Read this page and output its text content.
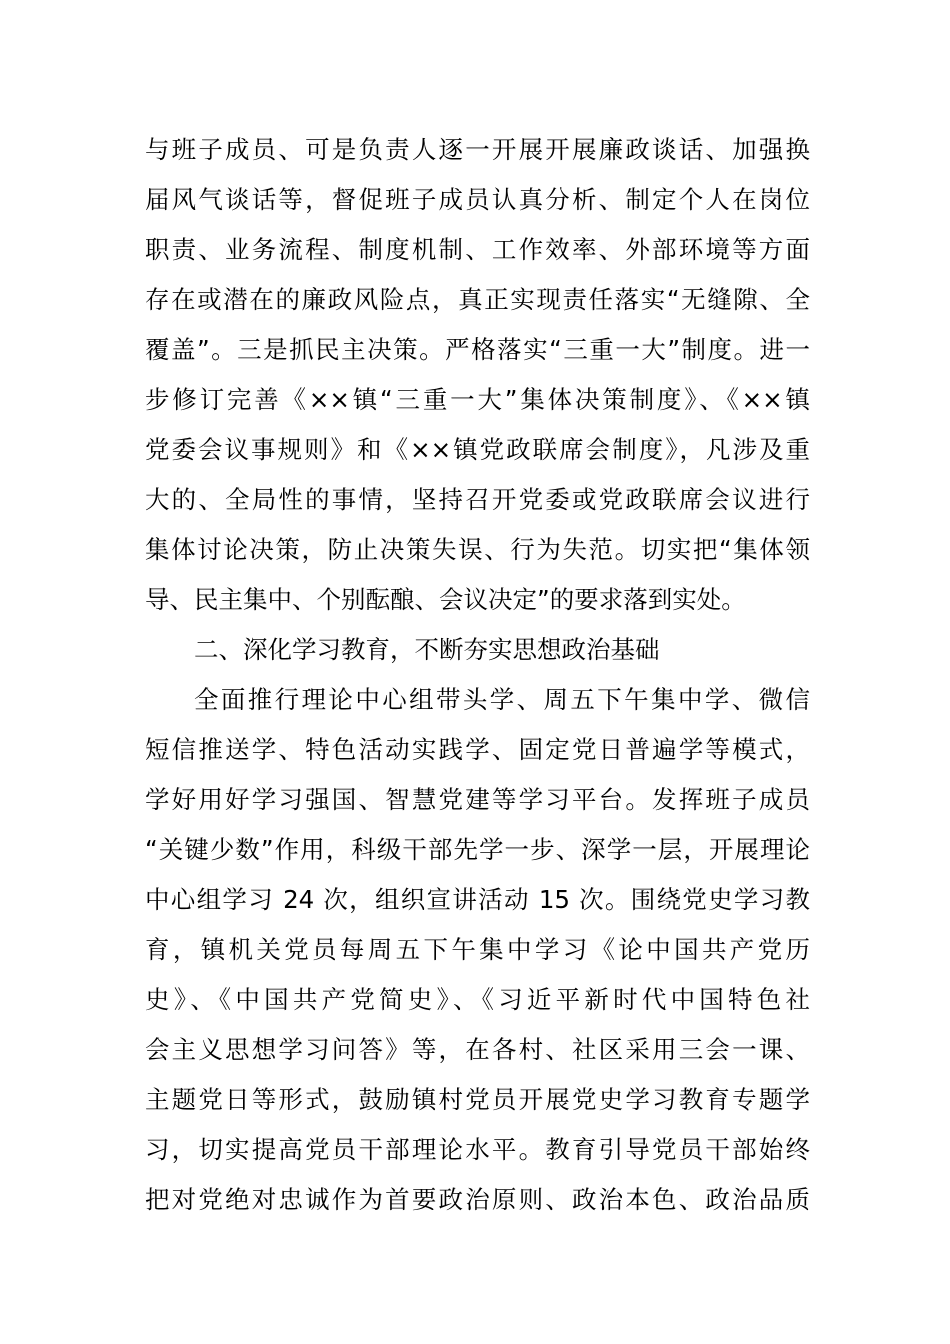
与班子成员、可是负责人逐一开展开展廉政谈话、加强换
届风气谈话等，督促班子成员认真分析、制定个人在岗位
职责、业务流程、制度机制、工作效率、外部环境等方面
存在或潜在的廉政风险点，真正实现责任落实“无缝隙、全
覆盖”。三是抓民主决策。严格落实“三重一大”制度。进一
步修订完善《××镇“三重一大”集体决策制度》、《××镇
党委会议事规则》和《××镇党政联席会制度》，凡涉及重
大的、全局性的事情，坚持召开党委或党政联席会议进行
集体讨论决策，防止决策失误、行为失范。切实把“集体领
导、民主集中、个别酝酿、会议决定”的要求落到实处。
二、深化学习教育，不断夯实思想政治基础
全面推行理论中心组带头学、周五下午集中学、微信
短信推送学、特色活动实践学、固定党日普遍学等模式，
学好用好学习强国、智慧党建等学习平台。发挥班子成员
“关键少数”作用，科级干部先学一步、深学一层，开展理论
中心组学习 24 次，组织宣讲活动 15 次。围绕党史学习教
育，镇机关党员每周五下午集中学习《论中国共产党历
史》、《中国共产党简史》、《习近平新时代中国特色社
会主义思想学习问答》等，在各村、社区采用三会一课、
主题党日等形式，鼓励镇村党员开展党史学习教育专题学
习，切实提高党员干部理论水平。教育引导党员干部始终
把对党绝对忠诚作为首要政治原则、政治本色、政治品质
